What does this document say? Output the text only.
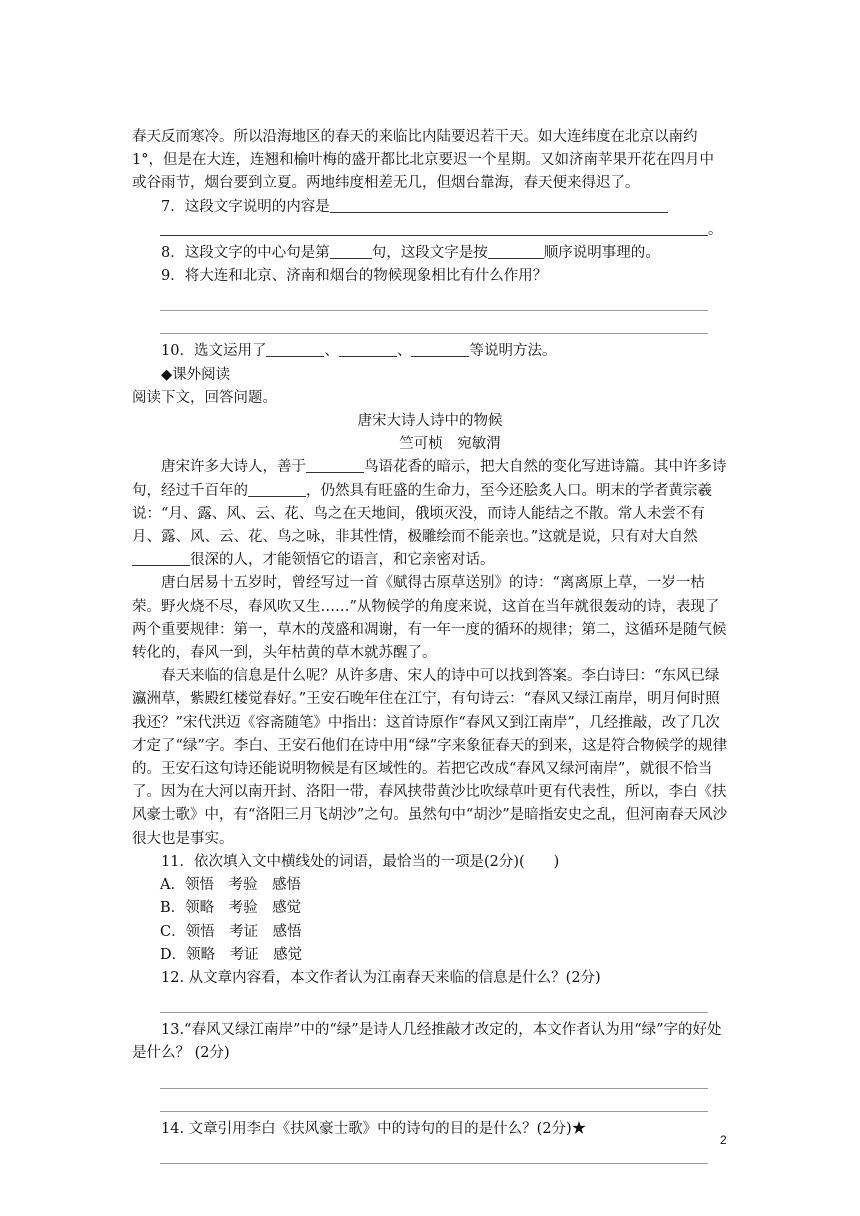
春天反而寒冷。所以沿海地区的春天的来临比内陆要迟若干天。如大连纬度在北京以南约1°，但是在大连，连翘和榆叶梅的盛开都比北京要迟一个星期。又如济南苹果开花在四月中或谷雨节，烟台要到立夏。两地纬度相差无几，但烟台靠海，春天便来得迟了。

7．这段文字说明的内容是

。

8．这段文字的中心句是第	句，这段文字是按	顺序说明事理的。

9．将大连和北京、济南和烟台的物候现象相比有什么作用？

10．选文运用了	、	、	等说明方法。

◆课外阅读

阅读下文，回答问题。

唐宋大诗人诗中的物候

竺可桢　宛敏渭

唐宋许多大诗人，善于	鸟语花香的暗示，把大自然的变化写进诗篇。其中许多诗句，经过千百年的	，仍然具有旺盛的生命力，至今还脍炙人口。明末的学者黄宗羲说：“月、露、风、云、花、鸟之在天地间，俄顷灭没，而诗人能结之不散。常人未尝不有月、露、风、云、花、鸟之咏，非其性情，极雕绘而不能亲也。”这就是说，只有对大自然很深的人，才能领悟它的语言，和它亲密对话。

唐白居易十五岁时，曾经写过一首《赋得古原草送别》的诗：“离离原上草，一岁一枯荣。野火烧不尽，春风吹又生……”从物候学的角度来说，这首在当年就很轰动的诗，表现了两个重要规律：第一，草木的茂盛和凋谢，有一年一度的循环的规律；第二，这循环是随气候转化的，春风一到，头年枯黄的草木就苏醒了。

春天来临的信息是什么呢？从许多唐、宋人的诗中可以找到答案。李白诗曰：“东风已绿瀛洲草，紫殿红楼觉春好。”王安石晚年住在江宁，有句诗云：“春风又绿江南岸，明月何时照我还？”宋代洪迈《容斋随笔》中指出：这首诗原作“春风又到江南岸”，几经推敲，改了几次才定了“绿”字。李白、王安石他们在诗中用“绿”字来象征春天的到来，这是符合物候学的规律的。王安石这句诗还能说明物候是有区域性的。若把它改成“春风又绿河南岸”，就很不恰当了。因为在大河以南开封、洛阳一带，春风挟带黄沙比吹绿草叶更有代表性，所以，李白《扶风豪士歌》中，有“洛阳三月飞胡沙”之句。虽然句中“胡沙”是暗指安史之乱，但河南春天风沙很大也是事实。

11．依次填入文中横线处的词语，最恰当的一项是(2分)(　　)

A．领悟　考验　感悟

B．领略　考验　感觉

C．领悟　考证　感悟

D．领略　考证　感觉

12. 从文章内容看，本文作者认为江南春天来临的信息是什么？(2分)

13.“春风又绿江南岸”中的“绿”是诗人几经推敲才改定的，本文作者认为用“绿”字的好处是什么？ (2分)

14. 文章引用李白《扶风豪士歌》中的诗句的目的是什么？(2分)★

2
